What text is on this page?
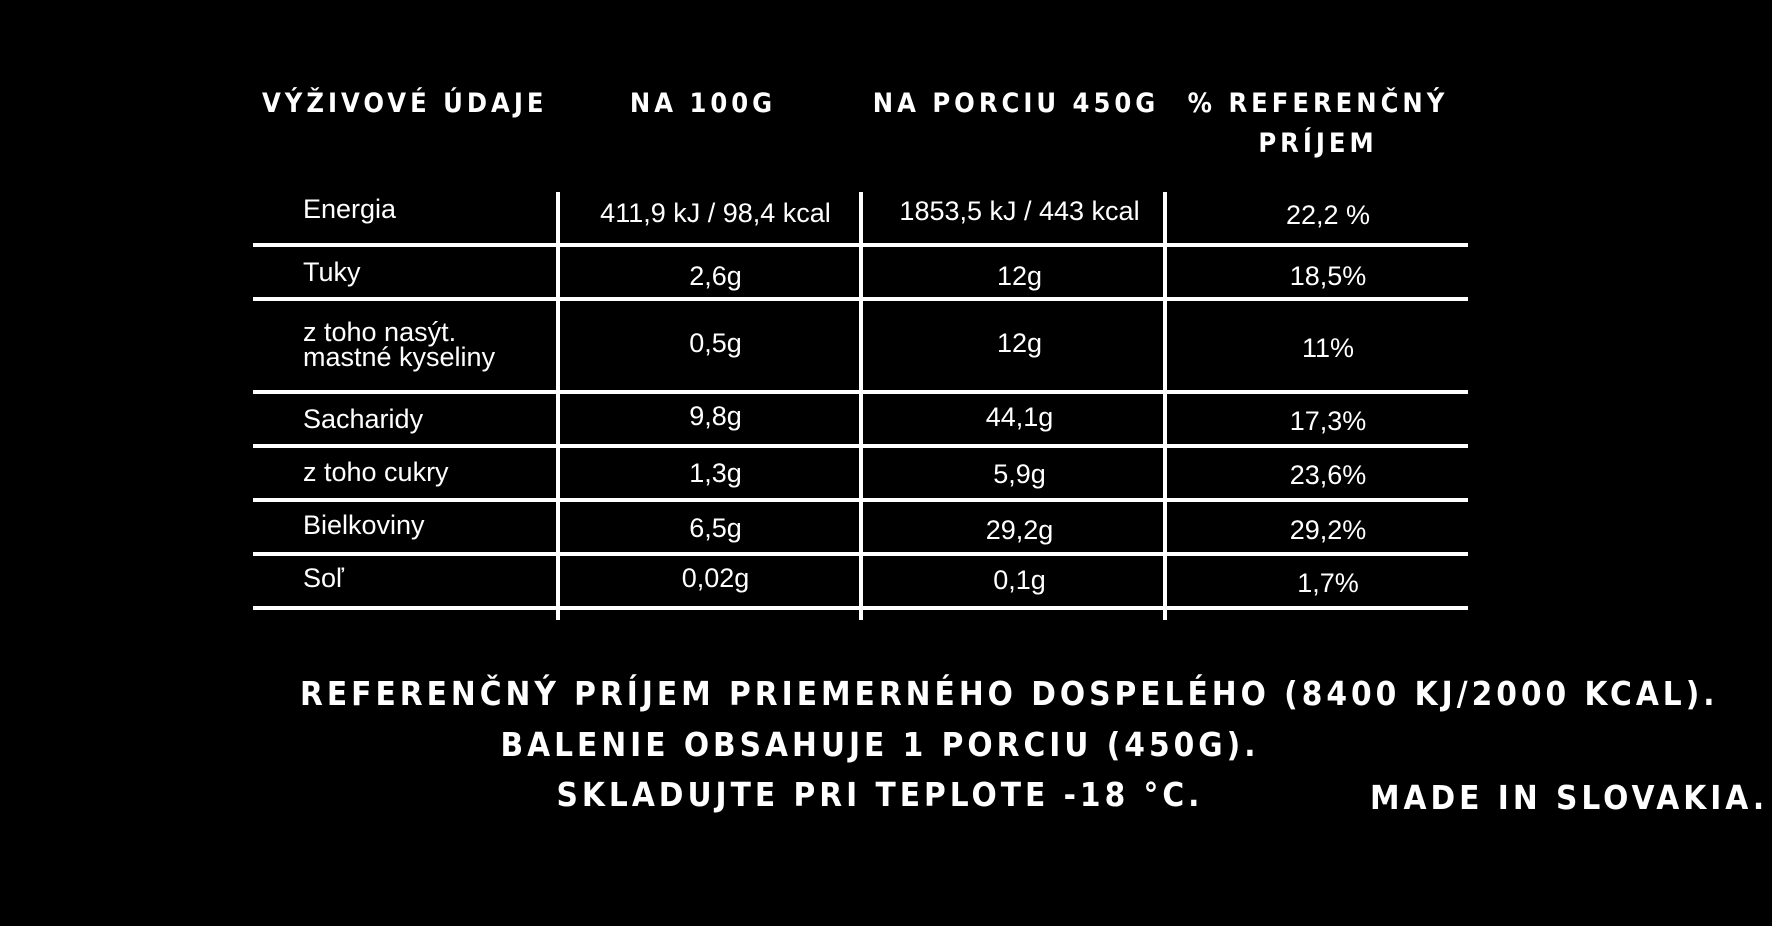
VÝŽIVOVÉ ÚDAJE	NA 100G	NA PORCIU 450G	% REFERENČNÝ
PRÍJEM
Energia	411,9 kJ / 98,4 kcal	1853,5 kJ / 443 kcal	22,2 %
Tuky	2,6g	12g	18,5%
z toho nasýt.
mastné kyseliny	0,5g	12g	11%
Sacharidy	9,8g	44,1g	17,3%
z toho cukry	1,3g	5,9g	23,6%
Bielkoviny	6,5g	29,2g	29,2%
Soľ	0,02g	0,1g	1,7%
REFERENČNÝ PRÍJEM PRIEMERNÉHO DOSPELÉHO (8400 KJ/2000 KCAL).
BALENIE OBSAHUJE 1 PORCIU (450G).
SKLADUJTE PRI TEPLOTE -18 °C.	MADE IN SLOVAKIA.
